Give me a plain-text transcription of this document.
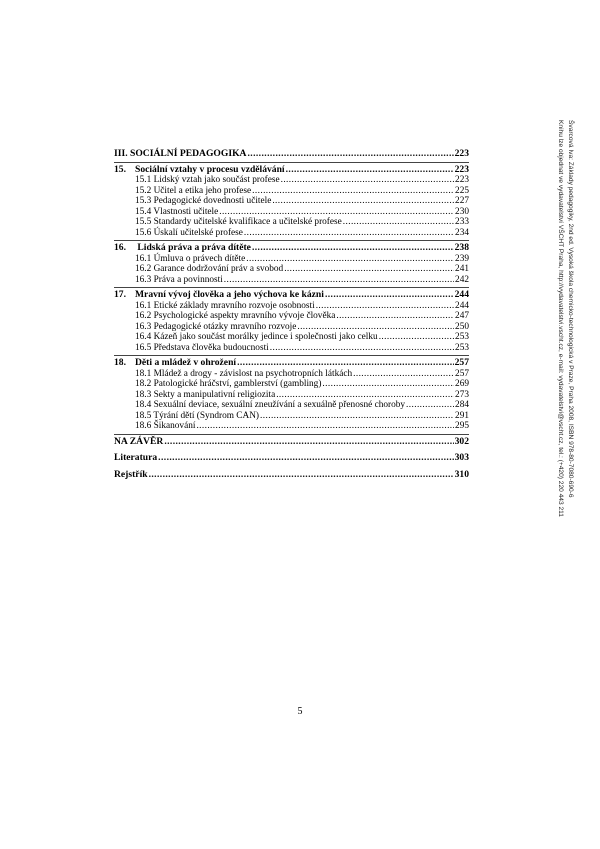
III. SOCIÁLNÍ PEDAGOGIKA .....	223
15. Sociální vztahy v procesu vzdělávání .....	223
15.1 Lidský vztah jako součást profese .....	223
15.2 Učitel a etika jeho profese .....	225
15.3 Pedagogické dovednosti učitele .....	227
15.4 Vlastnosti učitele .....	230
15.5 Standardy učitelské kvalifikace a učitelské profese .....	233
15.6 Úskalí učitelské profese .....	234
16. Lidská práva a práva dítěte .....	238
16.1 Úmluva o právech dítěte .....	239
16.2 Garance dodržování práv a svobod .....	241
16.3 Práva a povinnosti .....	242
17. Mravní vývoj člověka a jeho výchova ke kázni .....	244
16.1 Etické základy mravního rozvoje osobnosti .....	244
16.2 Psychologické aspekty mravního vývoje člověka .....	247
16.3 Pedagogické otázky mravního rozvoje .....	250
16.4 Kázeň jako součást morálky jedince i společnosti jako celku .....	253
16.5 Představa člověka budoucnosti .....	253
18. Děti a mládež v ohrožení .....	257
18.1 Mládež a drogy - závislost na psychotropních látkách .....	257
18.2 Patologické hráčství, gamblerství (gambling) .....	269
18.3 Sekty a manipulativní religiozita .....	273
18.4 Sexuální deviace, sexuální zneužívání a sexuálně přenosné choroby .....	284
18.5 Týrání dětí (Syndrom CAN) .....	291
18.6 Šikanování .....	295
NA ZÁVĚR .....	302
Literatura .....	303
Rejstřík .....	310
5
Švarcová Iva: Základy pedagogiky, 2nd ed. Vysoká škola chemicko-technologická v Praze, Praha 2008, ISBN 978-80-7080-690-6
Knihu lze objednat ve vydavatelství VŠCHT Praha, http://vydavatelstvi.vscht.cz, e-mail: vydavatelstvi@vscht.cz, tel.: (+420) 220 443 211
